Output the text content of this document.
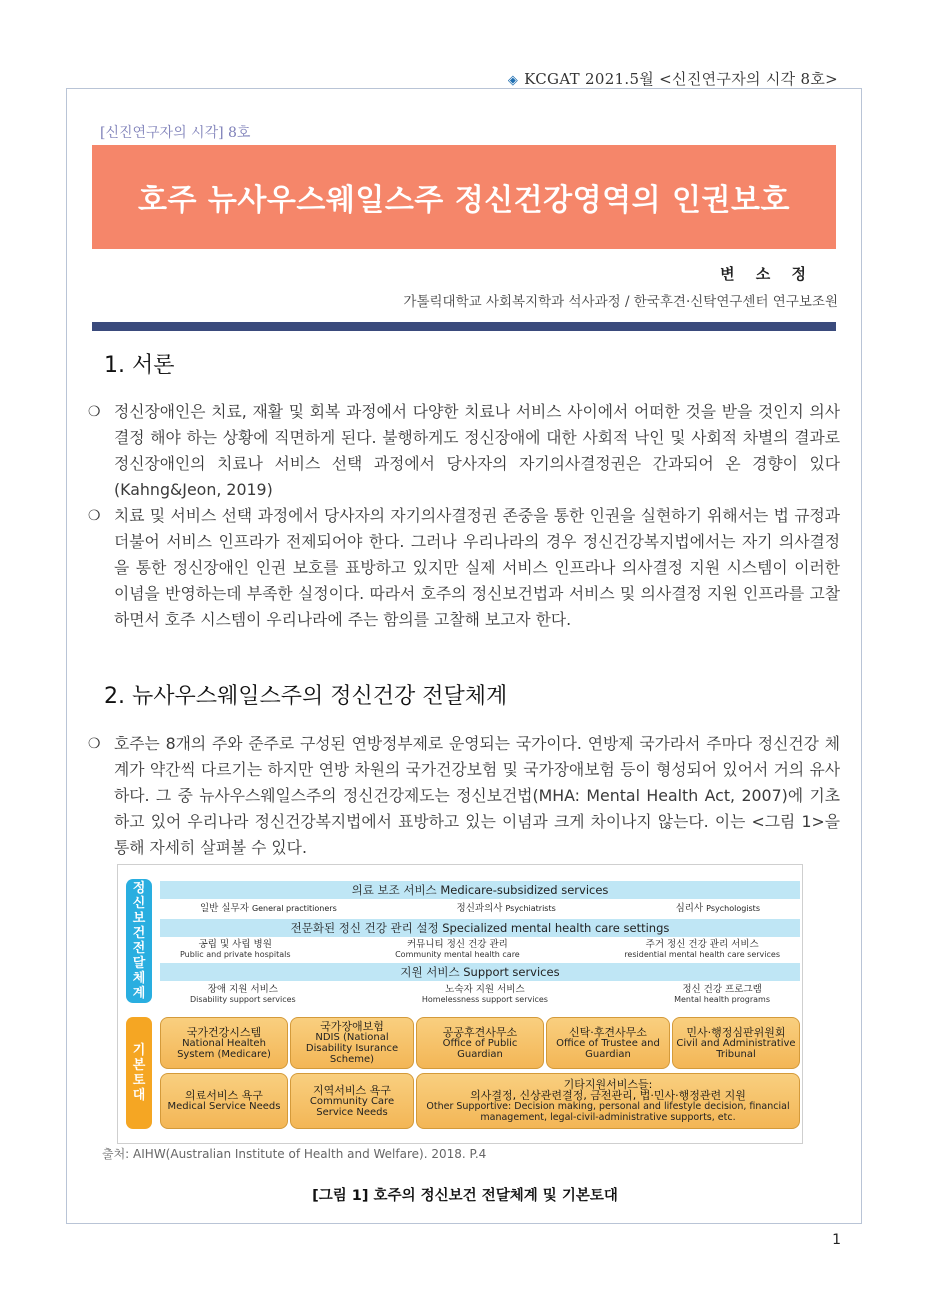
◈ KCGAT 2021.5월 <신진연구자의 시각 8호>
[신진연구자의 시각] 8호
호주 뉴사우스웨일스주 정신건강영역의 인권보호
변 소 정
가톨릭대학교 사회복지학과 석사과정 / 한국후견·신탁연구센터 연구보조원
1. 서론
❍ 정신장애인은 치료, 재활 및 회복 과정에서 다양한 치료나 서비스 사이에서 어떠한 것을 받을 것인지 의사결정 해야 하는 상황에 직면하게 된다. 불행하게도 정신장애에 대한 사회적 낙인 및 사회적 차별의 결과로 정신장애인의 치료나 서비스 선택 과정에서 당사자의 자기의사결정권은 간과되어 온 경향이 있다(Kahng&Jeon, 2019)
❍ 치료 및 서비스 선택 과정에서 당사자의 자기의사결정권 존중을 통한 인권을 실현하기 위해서는 법 규정과 더불어 서비스 인프라가 전제되어야 한다. 그러나 우리나라의 경우 정신건강복지법에서는 자기 의사결정을 통한 정신장애인 인권 보호를 표방하고 있지만 실제 서비스 인프라나 의사결정 지원 시스템이 이러한 이념을 반영하는데 부족한 실정이다. 따라서 호주의 정신보건법과 서비스 및 의사결정 지원 인프라를 고찰하면서 호주 시스템이 우리나라에 주는 함의를 고찰해 보고자 한다.
2. 뉴사우스웨일스주의 정신건강 전달체계
❍ 호주는 8개의 주와 준주로 구성된 연방정부제로 운영되는 국가이다. 연방제 국가라서 주마다 정신건강 체계가 약간씩 다르기는 하지만 연방 차원의 국가건강보험 및 국가장애보험 등이 형성되어 있어서 거의 유사하다. 그 중 뉴사우스웨일스주의 정신건강제도는 정신보건법(MHA: Mental Health Act, 2007)에 기초하고 있어 우리나라 정신건강복지법에서 표방하고 있는 이념과 크게 차이나지 않는다. 이는 <그림 1>을 통해 자세히 살펴볼 수 있다.
정
신
보
건
전
달
체
계
기
본
토
대
의료 보조 서비스 Medicare-subsidized services
일반 실무자 General practitioners	정신과의사 Psychiatrists	심리사 Psychologists
전문화된 정신 건강 관리 설정 Specialized mental health care settings
공립 및 사립 병원
Public and private hospitals
커뮤니티 정신 건강 관리
Community mental health care
주거 정신 건강 관리 서비스
residential mental health care services
지원 서비스 Support services
장애 지원 서비스
Disability support services
노숙자 지원 서비스
Homelessness support services
정신 건강 프로그램
Mental health programs
국가건강시스템
National Healteh System (Medicare)
국가장애보험
NDIS (National Disability Isurance Scheme)
공공후견사무소
Office of Public Guardian
신탁·후견사무소
Office of Trustee and Guardian
민사·행정심판위원회
Civil and Administrative Tribunal
의료서비스 욕구
Medical Service Needs
지역서비스 욕구
Community Care Service Needs
기타지원서비스들:
의사결정, 신상관련결정, 금전관리, 법·민사·행정관련 지원
Other Supportive: Decision making, personal and lifestyle decision, financial management, legal-civil-administrative supports, etc.
출처: AIHW(Australian Institute of Health and Welfare). 2018. P.4
[그림 1] 호주의 정신보건 전달체계 및 기본토대
1
